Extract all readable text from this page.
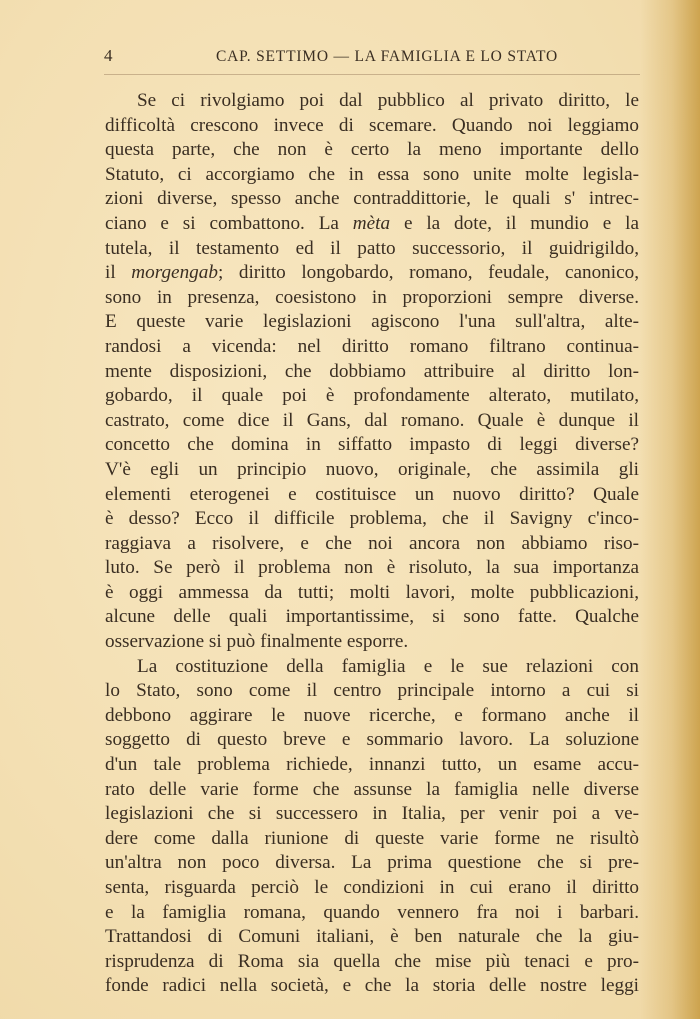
4	CAP. SETTIMO — LA FAMIGLIA E LO STATO
Se ci rivolgiamo poi dal pubblico al privato diritto, le
difficoltà crescono invece di scemare. Quando noi leggiamo
questa parte, che non è certo la meno importante dello
Statuto, ci accorgiamo che in essa sono unite molte legisla-
zioni diverse, spesso anche contraddittorie, le quali s' intrec-
ciano e si combattono. La mèta e la dote, il mundio e la
tutela, il testamento ed il patto successorio, il guidrigildo,
il morgengab; diritto longobardo, romano, feudale, canonico,
sono in presenza, coesistono in proporzioni sempre diverse.
E queste varie legislazioni agiscono l'una sull'altra, alte-
randosi a vicenda: nel diritto romano filtrano continua-
mente disposizioni, che dobbiamo attribuire al diritto lon-
gobardo, il quale poi è profondamente alterato, mutilato,
castrato, come dice il Gans, dal romano. Quale è dunque il
concetto che domina in siffatto impasto di leggi diverse?
V'è egli un principio nuovo, originale, che assimila gli
elementi eterogenei e costituisce un nuovo diritto? Quale
è desso? Ecco il difficile problema, che il Savigny c'inco-
raggiava a risolvere, e che noi ancora non abbiamo riso-
luto. Se però il problema non è risoluto, la sua importanza
è oggi ammessa da tutti; molti lavori, molte pubblicazioni,
alcune delle quali importantissime, si sono fatte. Qualche
osservazione si può finalmente esporre.
La costituzione della famiglia e le sue relazioni con
lo Stato, sono come il centro principale intorno a cui si
debbono aggirare le nuove ricerche, e formano anche il
soggetto di questo breve e sommario lavoro. La soluzione
d'un tale problema richiede, innanzi tutto, un esame accu-
rato delle varie forme che assunse la famiglia nelle diverse
legislazioni che si successero in Italia, per venir poi a ve-
dere come dalla riunione di queste varie forme ne risultò
un'altra non poco diversa. La prima questione che si pre-
senta, risguarda perciò le condizioni in cui erano il diritto
e la famiglia romana, quando vennero fra noi i barbari.
Trattandosi di Comuni italiani, è ben naturale che la giu-
risprudenza di Roma sia quella che mise più tenaci e pro-
fonde radici nella società, e che la storia delle nostre leggi
